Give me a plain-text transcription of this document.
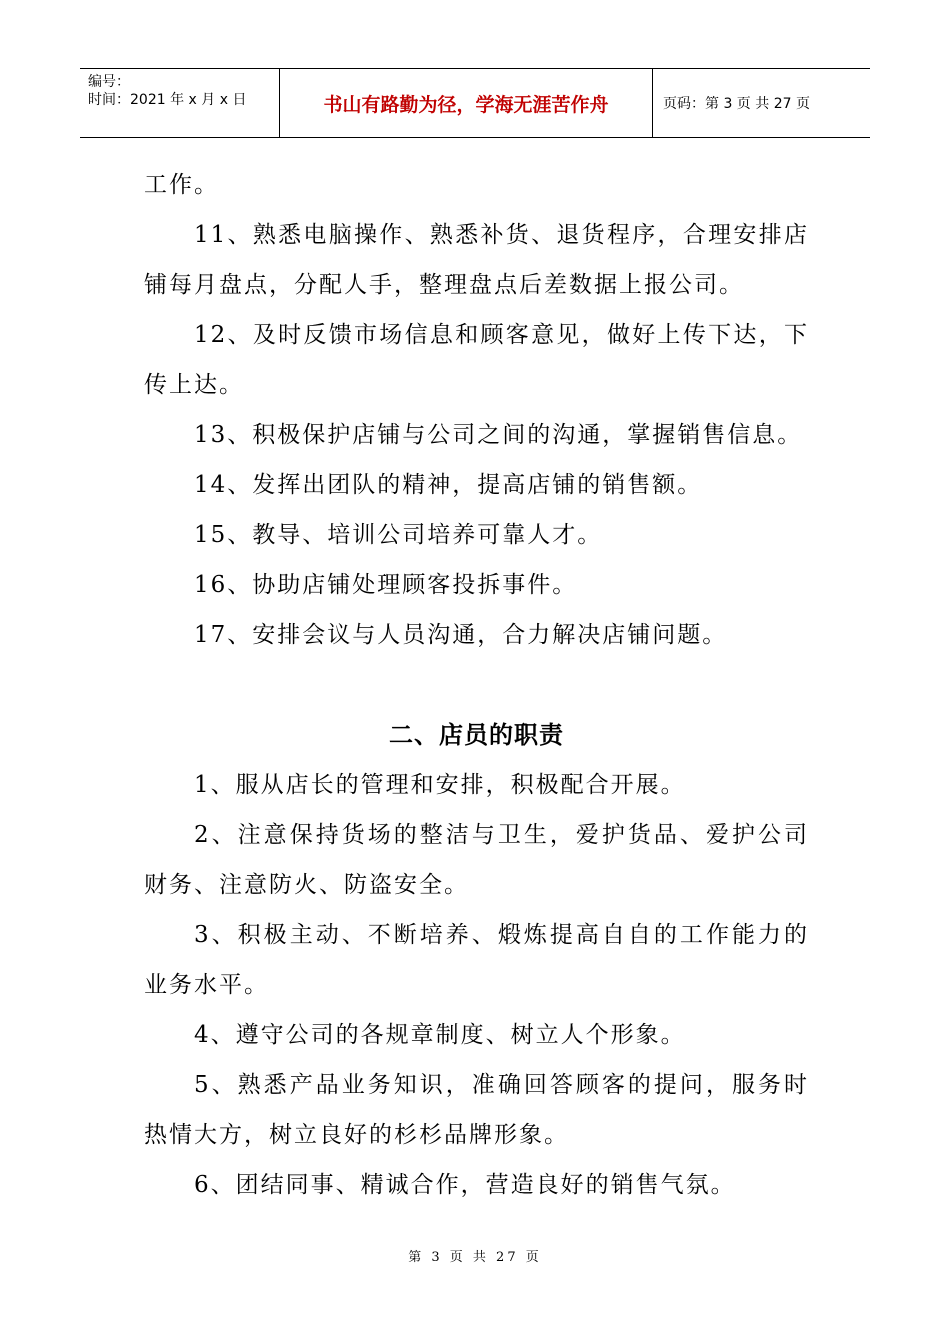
编号：
时间：2021 年 x 月 x 日	书山有路勤为径，学海无涯苦作舟	页码：第 3 页 共 27 页

工作。

11、熟悉电脑操作、熟悉补货、退货程序，合理安排店铺每月盘点，分配人手，整理盘点后差数据上报公司。

12、及时反馈市场信息和顾客意见，做好上传下达，下传上达。

13、积极保护店铺与公司之间的沟通，掌握销售信息。

14、发挥出团队的精神，提高店铺的销售额。

15、教导、培训公司培养可靠人才。

16、协助店铺处理顾客投拆事件。

17、安排会议与人员沟通，合力解决店铺问题。

二、店员的职责

1、服从店长的管理和安排，积极配合开展。

2、注意保持货场的整洁与卫生，爱护货品、爱护公司财务、注意防火、防盗安全。

3、积极主动、不断培养、煅炼提高自自的工作能力的业务水平。

4、遵守公司的各规章制度、树立人个形象。

5、熟悉产品业务知识，准确回答顾客的提问，服务时热情大方，树立良好的杉杉品牌形象。

6、团结同事、精诚合作，营造良好的销售气氛。

第 3 页 共 27 页
